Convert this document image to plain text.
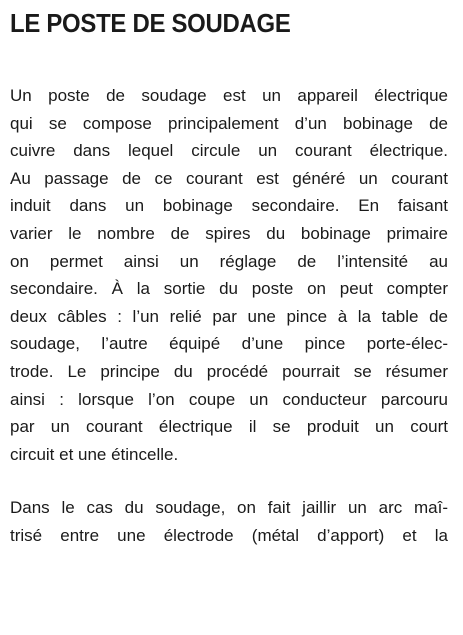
LE POSTE DE SOUDAGE
Un poste de soudage est un appareil électrique
qui se compose principalement d’un bobinage de
cuivre dans lequel circule un courant électrique.
Au passage de ce courant est généré un courant
induit dans un bobinage secondaire. En faisant
varier le nombre de spires du bobinage primaire
on permet ainsi un réglage de l’intensité au
secondaire. À la sortie du poste on peut compter
deux câbles : l’un relié par une pince à la table de
soudage, l’autre équipé d’une pince porte-élec-
trode. Le principe du procédé pourrait se résumer
ainsi : lorsque l’on coupe un conducteur parcouru
par un courant électrique il se produit un court
circuit et une étincelle.
Dans le cas du soudage, on fait jaillir un arc maî-
trisé entre une électrode (métal d’apport) et la
